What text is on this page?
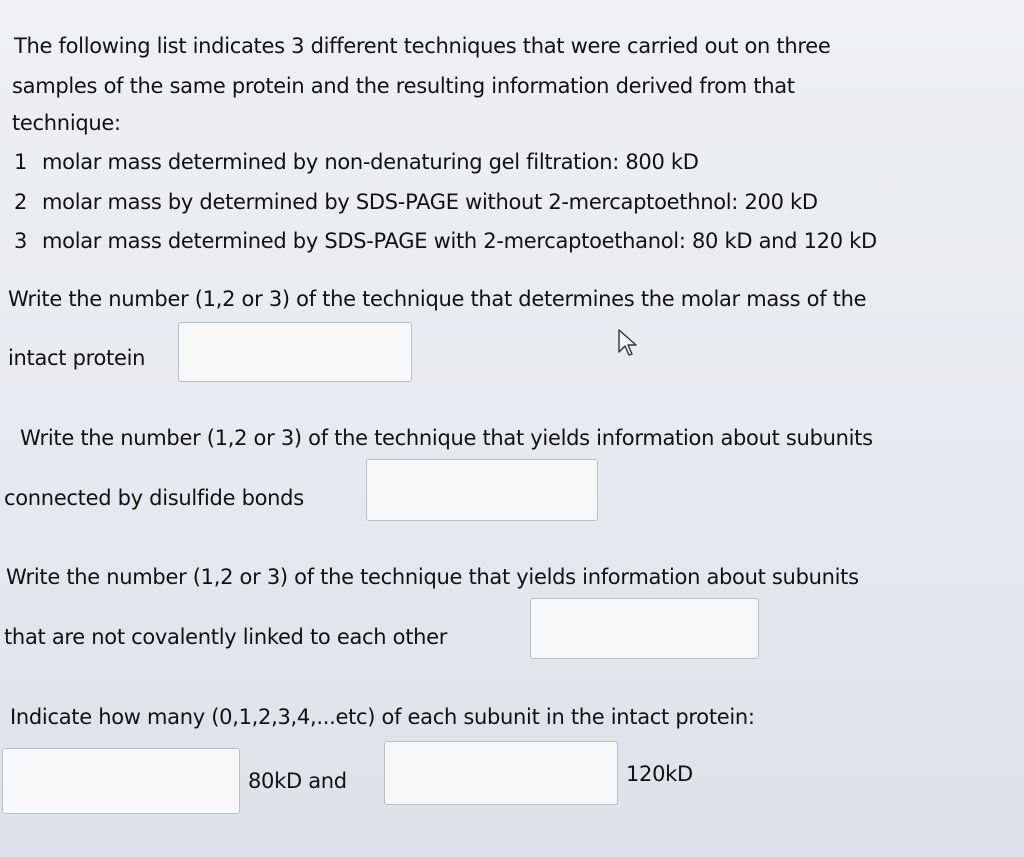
The following list indicates 3 different techniques that were carried out on three
samples of the same protein and the resulting information derived from that
technique:
1 molar mass determined by non-denaturing gel filtration: 800 kD
2 molar mass by determined by SDS-PAGE without 2-mercaptoethnol: 200 kD
3 molar mass determined by SDS-PAGE with 2-mercaptoethanol: 80 kD and 120 kD
Write the number (1,2 or 3) of the technique that determines the molar mass of the
intact protein
Write the number (1,2 or 3) of the technique that yields information about subunits
connected by disulfide bonds
Write the number (1,2 or 3) of the technique that yields information about subunits
that are not covalently linked to each other
Indicate how many (0,1,2,3,4,...etc) of each subunit in the intact protein:
80kD and	120kD
